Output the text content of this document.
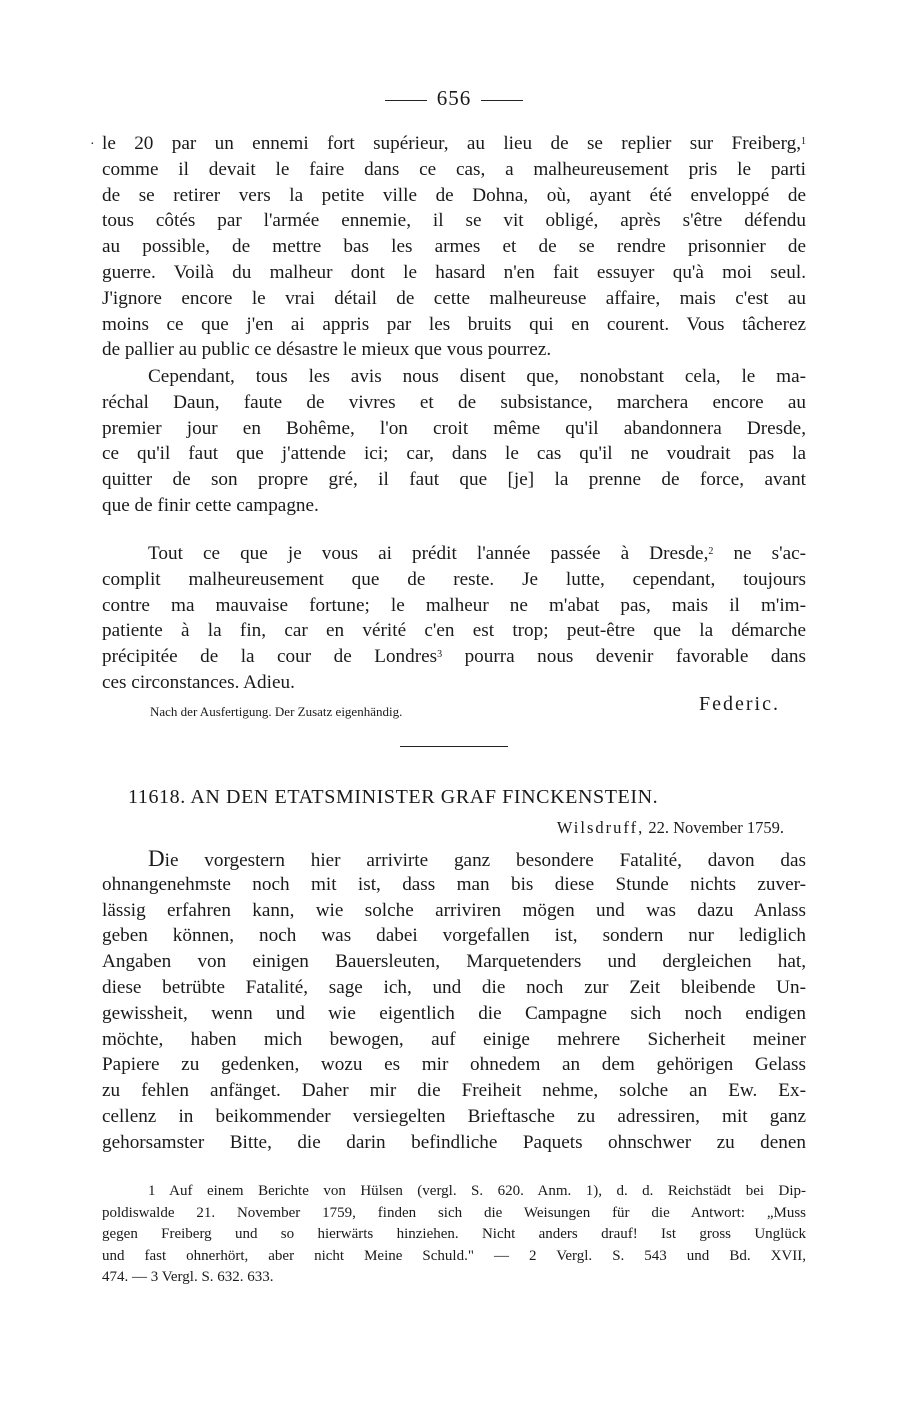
656
· le 20 par un ennemi fort supérieur, au lieu de se replier sur Freiberg,$^1$
comme il devait le faire dans ce cas, a malheureusement pris le parti
de se retirer vers la petite ville de Dohna, où, ayant été enveloppé de
tous côtés par l'armée ennemie, il se vit obligé, après s'être défendu
au possible, de mettre bas les armes et de se rendre prisonnier de
guerre. Voilà du malheur dont le hasard n'en fait essuyer qu'à moi seul.
J'ignore encore le vrai détail de cette malheureuse affaire, mais c'est au
moins ce que j'en ai appris par les bruits qui en courent. Vous tâcherez
de pallier au public ce désastre le mieux que vous pourrez.
Cependant, tous les avis nous disent que, nonobstant cela, le ma-
réchal Daun, faute de vivres et de subsistance, marchera encore au
premier jour en Bohême, l'on croit même qu'il abandonnera Dresde,
ce qu'il faut que j'attende ici; car, dans le cas qu'il ne voudrait pas la
quitter de son propre gré, il faut que [je] la prenne de force, avant
que de finir cette campagne.
Tout ce que je vous ai prédit l'année passée à Dresde,$^2$ ne s'ac-
complit malheureusement que de reste. Je lutte, cependant, toujours
contre ma mauvaise fortune; le malheur ne m'abat pas, mais il m'im-
patiente à la fin, car en vérité c'en est trop; peut-être que la démarche
précipitée de la cour de Londres$^3$ pourra nous devenir favorable dans
ces circonstances. Adieu.
Nach der Ausfertigung. Der Zusatz eigenhändig.	Federic.
11618. AN DEN ETATSMINISTER GRAF FINCKENSTEIN.
Wilsdruff, 22. November 1759.
Die vorgestern hier arrivirte ganz besondere Fatalité, davon das
ohnangenehmste noch mit ist, dass man bis diese Stunde nichts zuver-
lässig erfahren kann, wie solche arriviren mögen und was dazu Anlass
geben können, noch was dabei vorgefallen ist, sondern nur lediglich
Angaben von einigen Bauersleuten, Marquetenders und dergleichen hat,
diese betrübte Fatalité, sage ich, und die noch zur Zeit bleibende Un-
gewissheit, wenn und wie eigentlich die Campagne sich noch endigen
möchte, haben mich bewogen, auf einige mehrere Sicherheit meiner
Papiere zu gedenken, wozu es mir ohnedem an dem gehörigen Gelass
zu fehlen anfänget. Daher mir die Freiheit nehme, solche an Ew. Ex-
cellenz in beikommender versiegelten Brieftasche zu adressiren, mit ganz
gehorsamster Bitte, die darin befindliche Paquets ohnschwer zu denen
1 Auf einem Berichte von Hülsen (vergl. S. 620. Anm. 1), d. d. Reichstädt bei Dip-
poldiswalde 21. November 1759, finden sich die Weisungen für die Antwort: „Muss
gegen Freiberg und so hierwärts hinziehen. Nicht anders drauf! Ist gross Unglück
und fast ohnerhört, aber nicht Meine Schuld." — 2 Vergl. S. 543 und Bd. XVII,
474. — 3 Vergl. S. 632. 633.
